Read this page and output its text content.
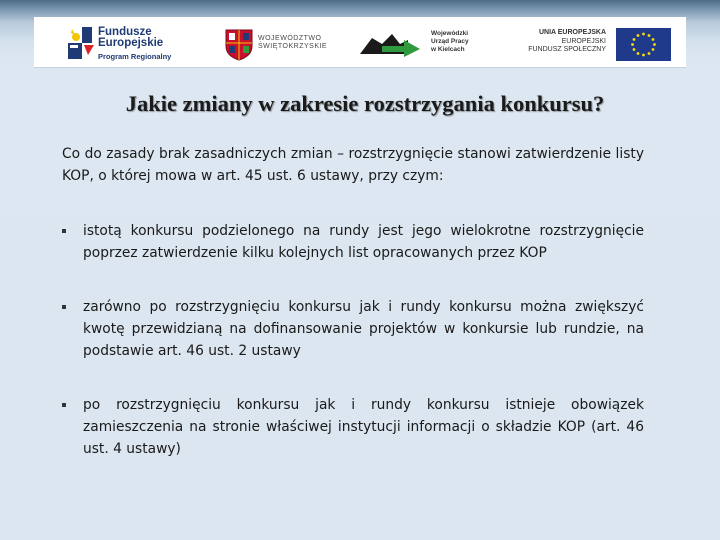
Fundusze
Europejskie
Program Regionalny
WOJEWÓDZTWO
ŚWIĘTOKRZYSKIE
Wojewódzki
Urząd Pracy
w Kielcach
UNIA EUROPEJSKA
EUROPEJSKI
FUNDUSZ SPOŁECZNY
Jakie zmiany w zakresie rozstrzygania konkursu?

Co do zasady brak zasadniczych zmian – rozstrzygnięcie stanowi zatwierdzenie listy KOP, o której mowa w art. 45 ust. 6 ustawy, przy czym:

istotą konkursu podzielonego na rundy jest jego wielokrotne rozstrzygnięcie poprzez zatwierdzenie kilku kolejnych list opracowanych przez KOP
zarówno po rozstrzygnięciu konkursu jak i rundy konkursu można zwiększyć kwotę przewidzianą na dofinansowanie projektów w konkursie lub rundzie, na podstawie art. 46 ust. 2 ustawy
po rozstrzygnięciu konkursu jak i rundy konkursu istnieje obowiązek zamieszczenia na stronie właściwej instytucji informacji o składzie KOP (art. 46 ust. 4 ustawy)
